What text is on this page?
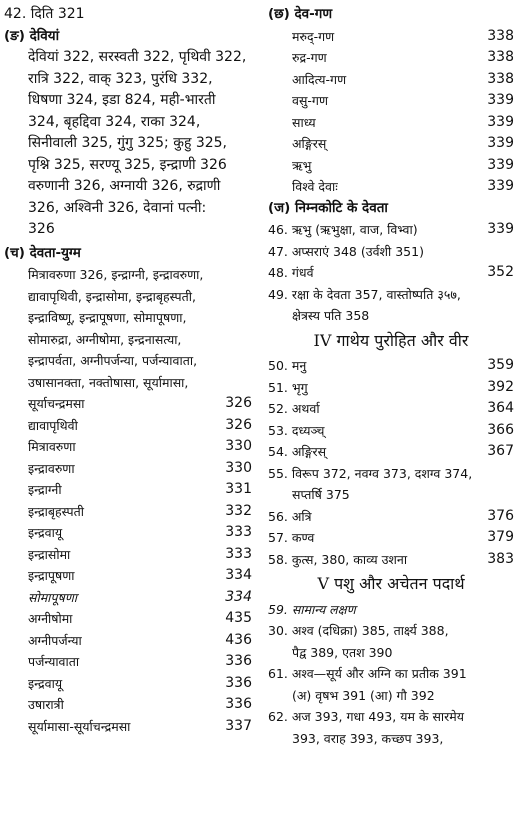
42. दिति 321
(ङ) देवियां
देवियां 322, सरस्वती 322, पृथिवी 322,
रात्रि 322, वाक् 323, पुरंधि 332,
धिषणा 324, इडा 824, मही-भारती
324, बृहद्दिवा 324, राका 324,
सिनीवाली 325, गुंगु 325; कुहु 325,
पृश्नि 325, सरण्यू 325, इन्द्राणी 326
वरुणानी 326, अग्नायी 326, रुद्राणी
326, अश्विनी 326, देवानां पत्नी:
326
(च) देवता-युग्म
मित्रावरुणा 326, इन्द्राग्नी, इन्द्रावरुणा,
द्यावापृथिवी, इन्द्रासोमा, इन्द्राबृहस्पती,
इन्द्राविष्णू, इन्द्रापूषणा, सोमापूषणा,
सोमारुद्रा, अग्नीषोमा, इन्द्रनासत्या,
इन्द्रापर्वता, अग्नीपर्जन्या, पर्जन्यावाता,
उषासानक्ता, नक्तोषासा, सूर्यामासा,
सूर्याचन्द्रमसा	326
द्यावापृथिवी	326
मित्रावरुणा	330
इन्द्रावरुणा	330
इन्द्राग्नी	331
इन्द्राबृहस्पती	332
इन्द्रवायू	333
इन्द्रासोमा	333
इन्द्रापूषणा	334
सोमापूषणा	334
अग्नीषोमा	435
अग्नीपर्जन्या	436
पर्जन्यावाता	336
इन्द्रवायू	336
उषारात्री	336
सूर्यामासा-सूर्याचन्द्रमसा	337
(छ) देव-गण
मरुद्-गण	338
रुद्र-गण	338
आदित्य-गण	338
वसु-गण	339
साध्य	339
अङ्गिरस्	339
ऋभु	339
विश्वे देवाः	339
(ज) निम्नकोटि के देवता
46. ऋभु (ऋभुक्षा, वाज, विभ्वा)	339
47. अप्सराएं 348 (उर्वशी 351)
48. गंधर्व	352
49. रक्षा के देवता 357, वास्तोष्पति ३५७,
क्षेत्रस्य पति 358
IV गाथेय पुरोहित और वीर
50. मनु	359
51. भृगु	392
52. अथर्वा	364
53. दध्यञ्च्	366
54. अङ्गिरस्	367
55. विरूप 372, नवग्व 373, दशग्व 374,
सप्तर्षि 375
56. अत्रि	376
57. कण्व	379
58. कुत्स, 380, काव्य उशना	383
V पशु और अचेतन पदार्थ
59. सामान्य लक्षण
30. अश्व (दधिक्रा) 385, तार्क्ष्य 388,
पैद्व 389, एतश 390
61. अश्व—सूर्य और अग्नि का प्रतीक 391
(अ) वृषभ 391 (आ) गौ 392
62. अज 393, गधा 493, यम के सारमेय
393, वराह 393, कच्छप 393,
